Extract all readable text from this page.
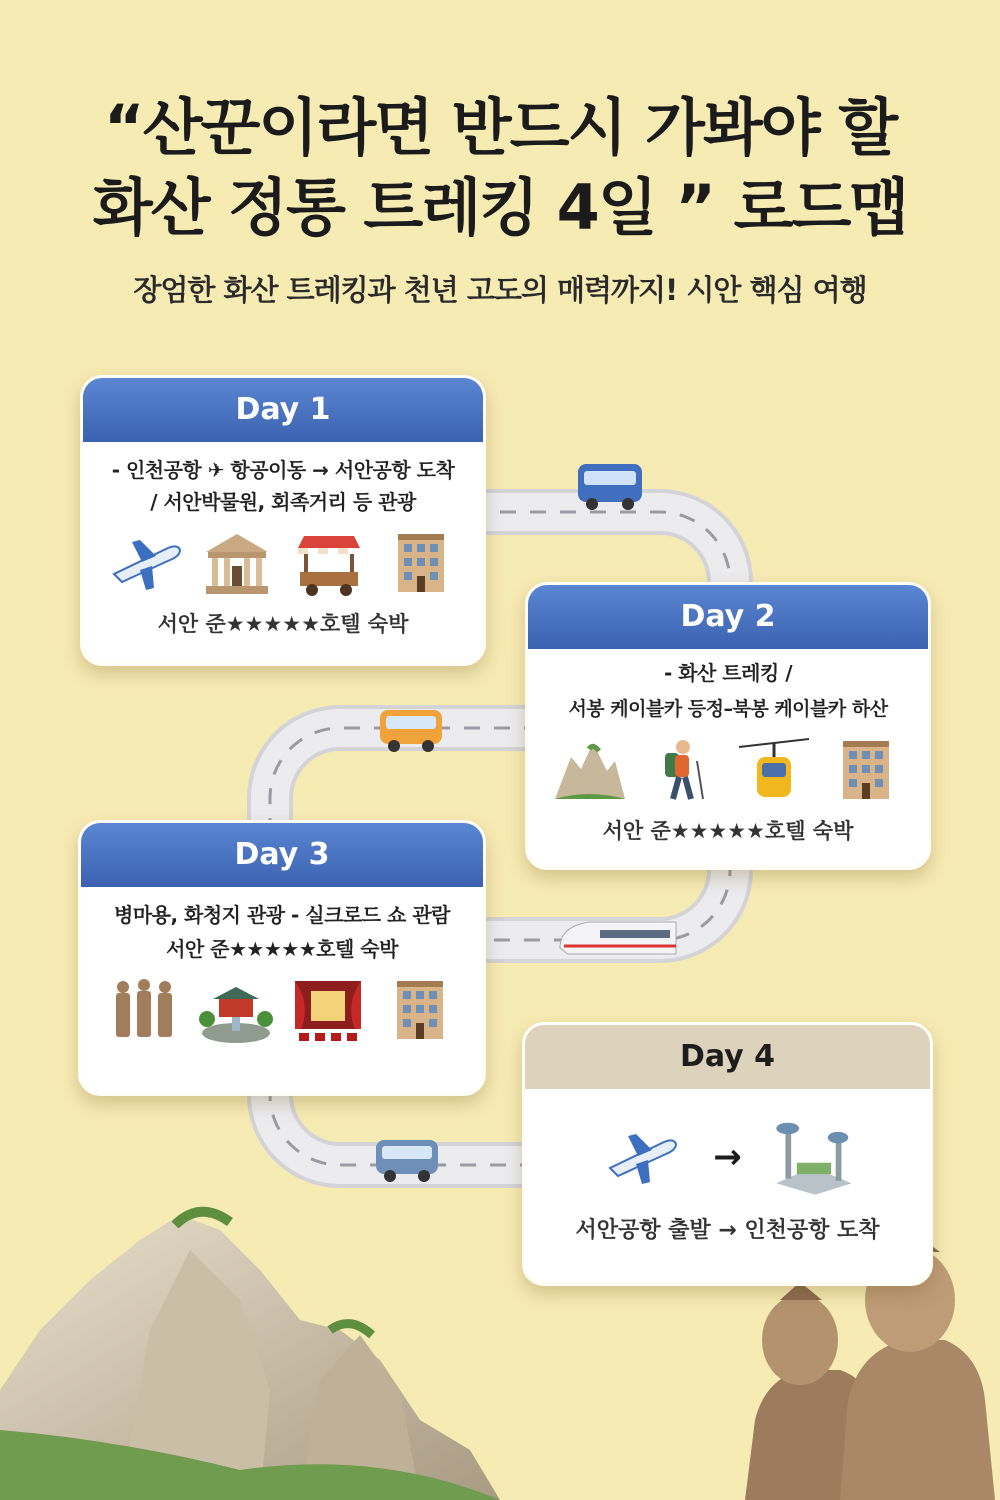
“산꾼이라면 반드시 가봐야 할
화산 정통 트레킹 4일 ” 로드맵
장엄한 화산 트레킹과 천년 고도의 매력까지! 시안 핵심 여행
Day 1
- 인천공항 ✈ 항공이동 → 서안공항 도착
/ 서안박물원, 회족거리 등 관광
서안 준★★★★★호텔 숙박	Day 2
- 화산 트레킹 /
서봉 케이블카 등정–북봉 케이블카 하산
서안 준★★★★★호텔 숙박
Day 3
병마용, 화청지 관광 - 실크로드 쇼 관람
서안 준★★★★★호텔 숙박
Day 4
→
서안공항 출발 → 인천공항 도착
